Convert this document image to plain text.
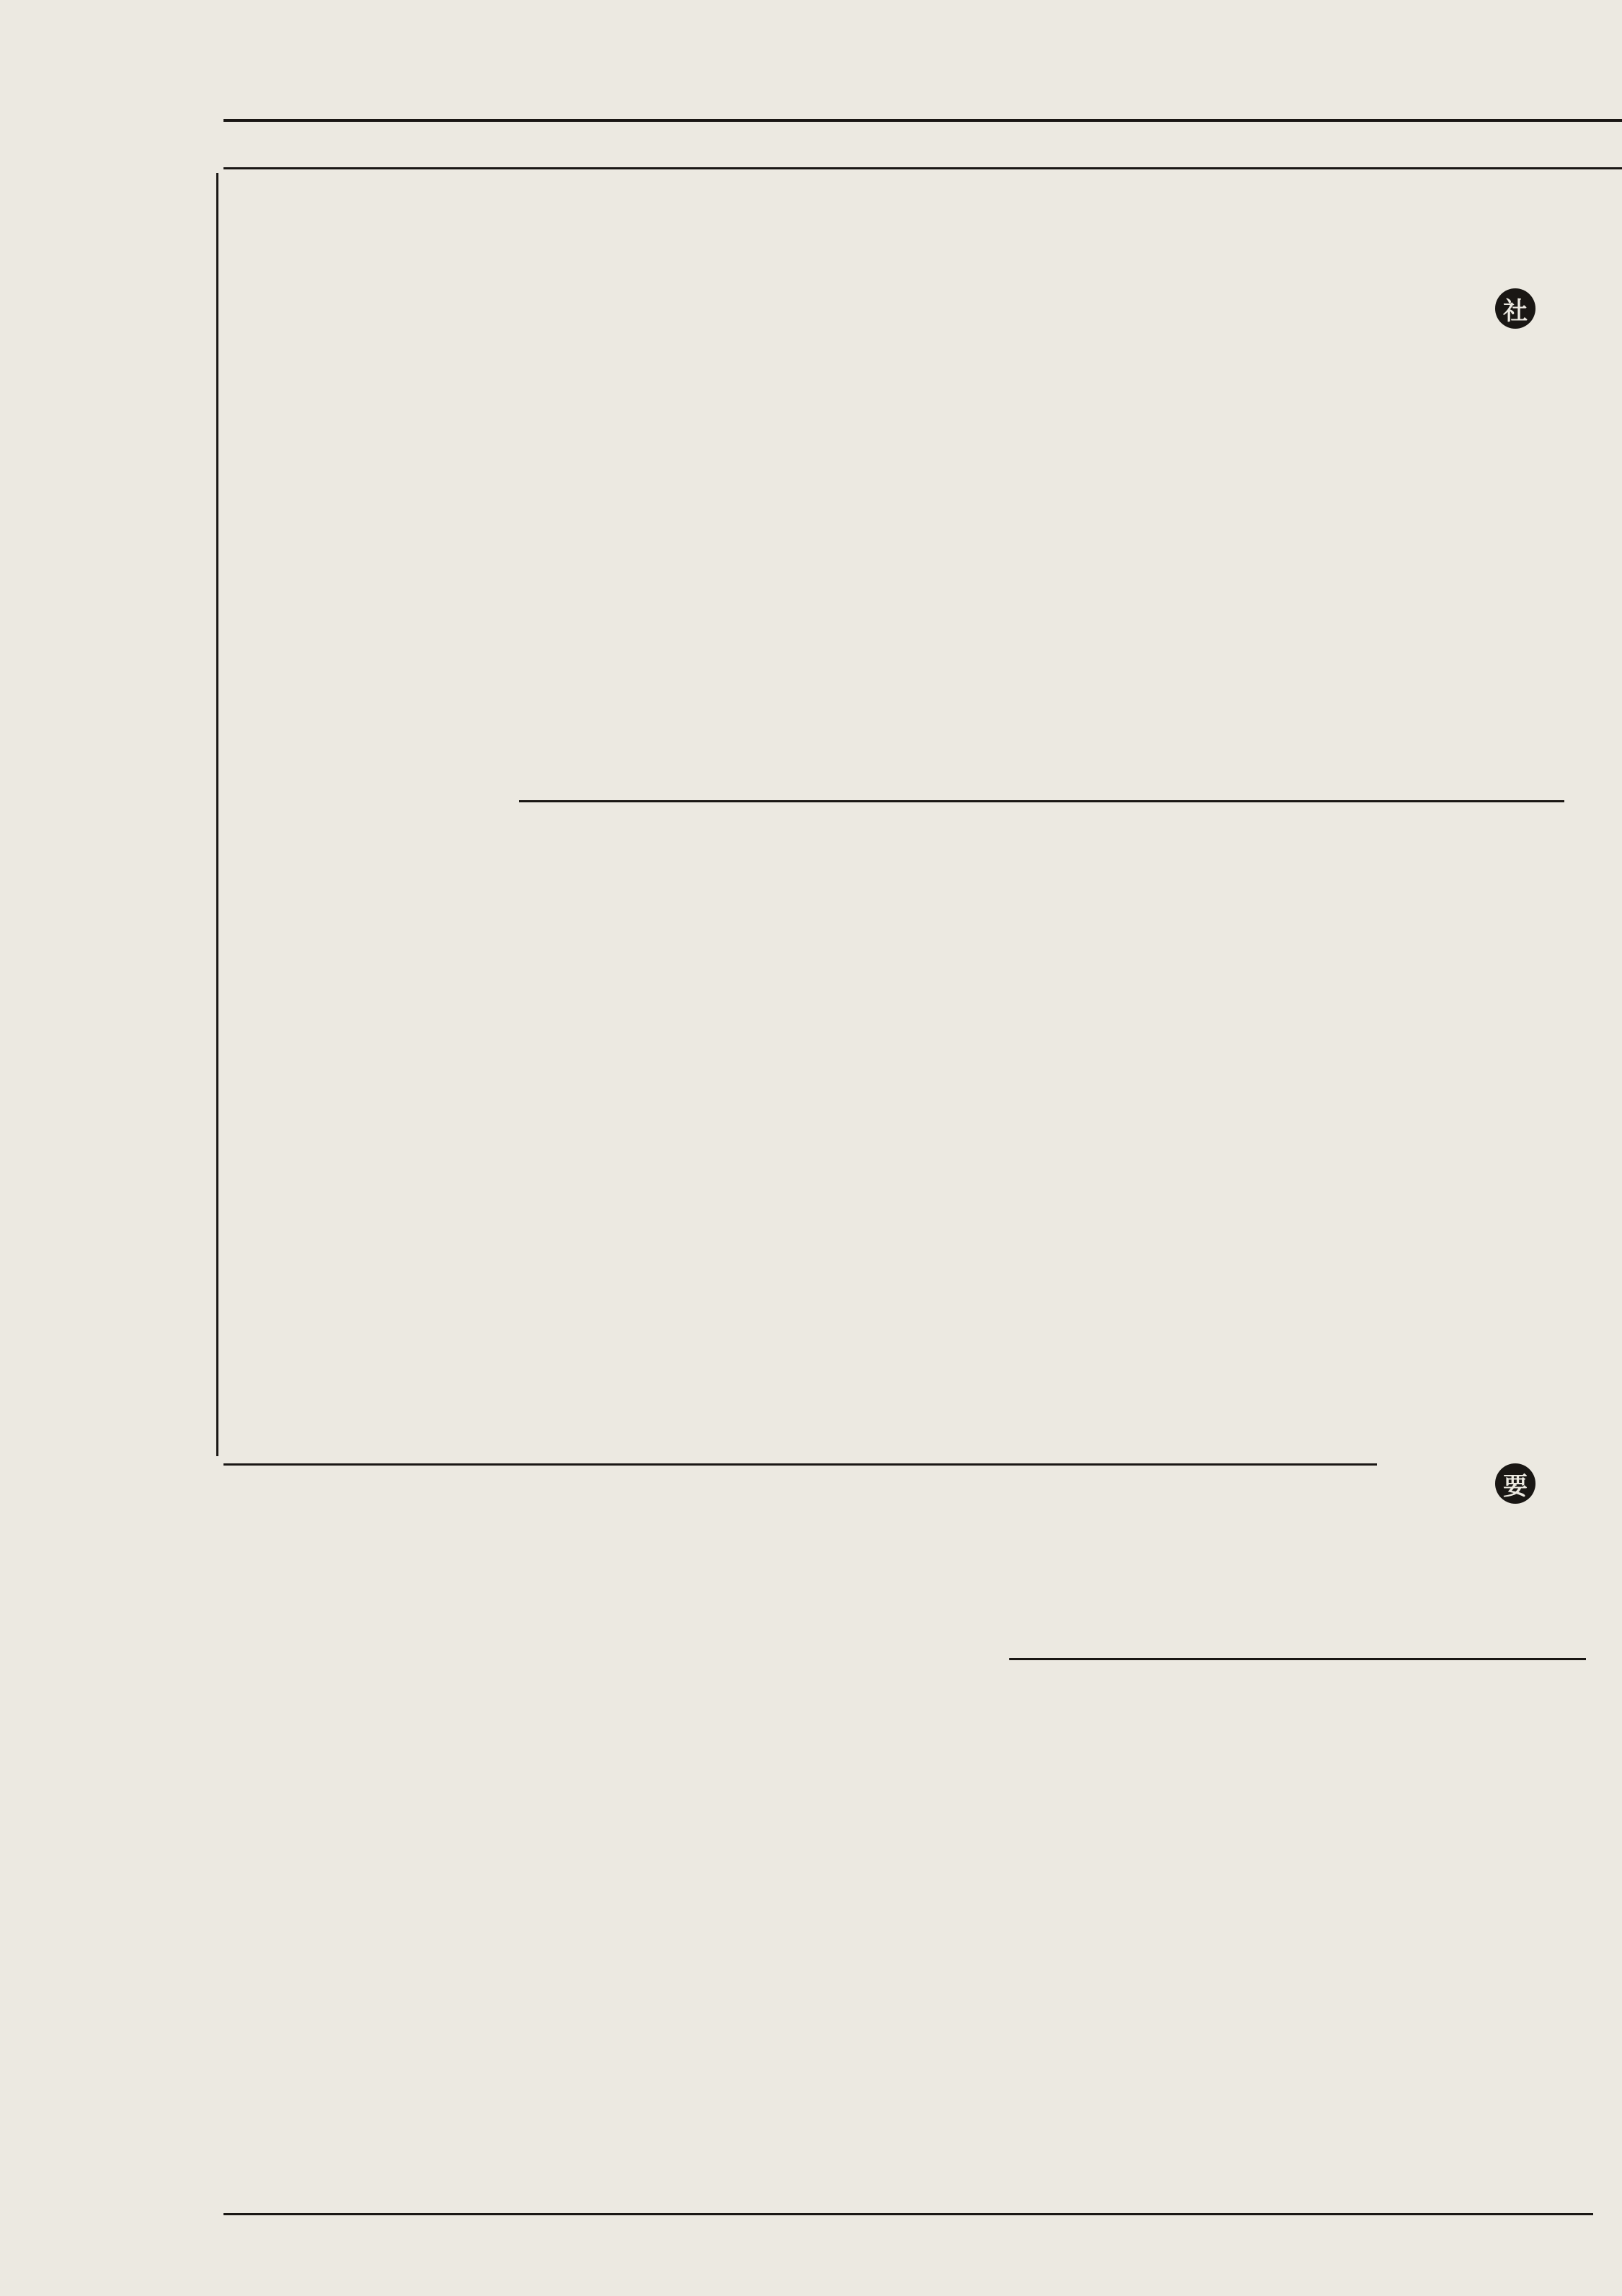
社
要
